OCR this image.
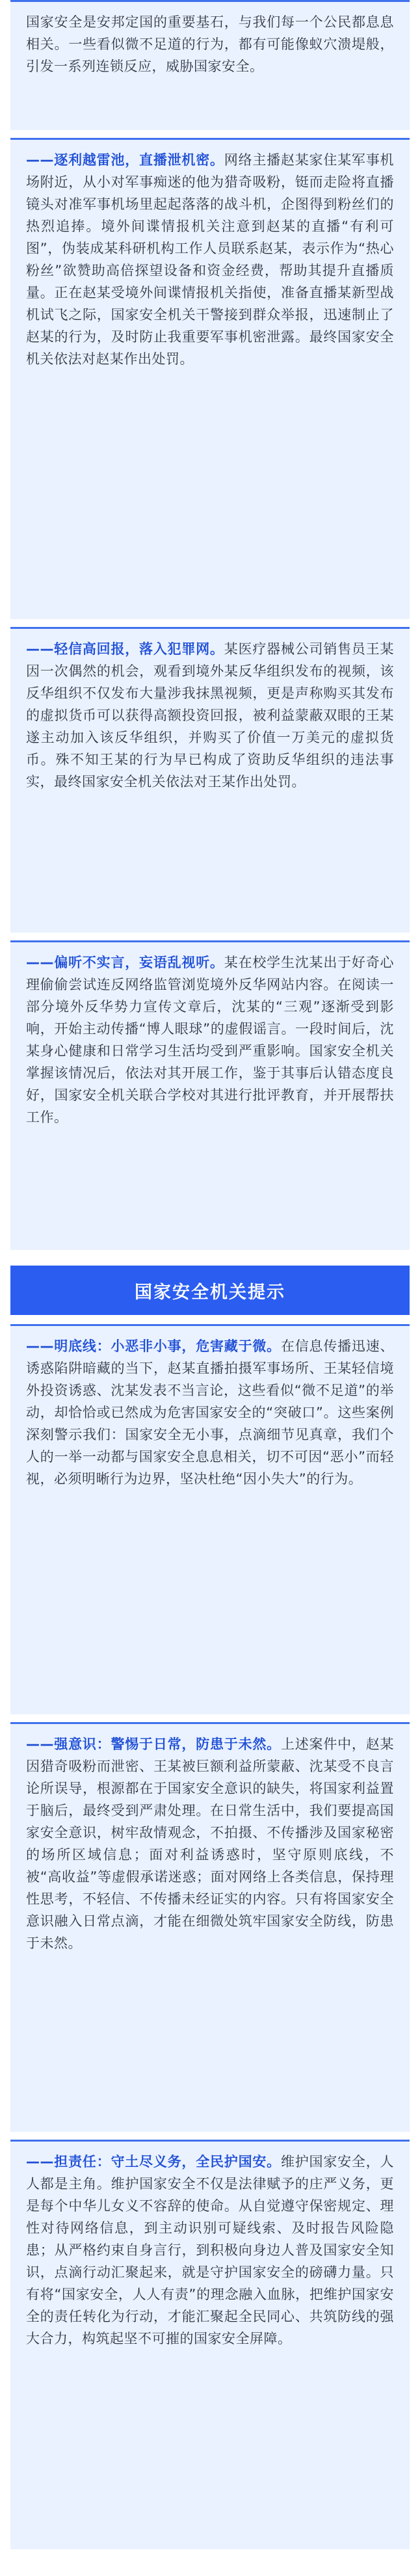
国家安全是安邦定国的重要基石，与我们每一个公民都息息相关。一些看似微不足道的行为，都有可能像蚁穴溃堤般，引发一系列连锁反应，威胁国家安全。

——逐利越雷池，直播泄机密。网络主播赵某家住某军事机场附近，从小对军事痴迷的他为猎奇吸粉，铤而走险将直播镜头对准军事机场里起起落落的战斗机，企图得到粉丝们的热烈追捧。境外间谍情报机关注意到赵某的直播“有利可图”，伪装成某科研机构工作人员联系赵某，表示作为“热心粉丝”欲赞助高倍探望设备和资金经费，帮助其提升直播质量。正在赵某受境外间谍情报机关指使，准备直播某新型战机试飞之际，国家安全机关干警接到群众举报，迅速制止了赵某的行为，及时防止我重要军事机密泄露。最终国家安全机关依法对赵某作出处罚。

——轻信高回报，落入犯罪网。某医疗器械公司销售员王某因一次偶然的机会，观看到境外某反华组织发布的视频，该反华组织不仅发布大量涉我抹黑视频，更是声称购买其发布的虚拟货币可以获得高额投资回报，被利益蒙蔽双眼的王某遂主动加入该反华组织，并购买了价值一万美元的虚拟货币。殊不知王某的行为早已构成了资助反华组织的违法事实，最终国家安全机关依法对王某作出处罚。

——偏听不实言，妄语乱视听。某在校学生沈某出于好奇心理偷偷尝试连反网络监管浏览境外反华网站内容。在阅读一部分境外反华势力宣传文章后，沈某的“三观”逐渐受到影响，开始主动传播“博人眼球”的虚假谣言。一段时间后，沈某身心健康和日常学习生活均受到严重影响。国家安全机关掌握该情况后，依法对其开展工作，鉴于其事后认错态度良好，国家安全机关联合学校对其进行批评教育，并开展帮扶工作。

国家安全机关提示

——明底线：小恶非小事，危害藏于微。在信息传播迅速、诱惑陷阱暗藏的当下，赵某直播拍摄军事场所、王某轻信境外投资诱惑、沈某发表不当言论，这些看似“微不足道”的举动，却恰恰或已然成为危害国家安全的“突破口”。这些案例深刻警示我们：国家安全无小事，点滴细节见真章，我们个人的一举一动都与国家安全息息相关，切不可因“恶小”而轻视，必须明晰行为边界，坚决杜绝“因小失大”的行为。

——强意识：警惕于日常，防患于未然。上述案件中，赵某因猎奇吸粉而泄密、王某被巨额利益所蒙蔽、沈某受不良言论所误导，根源都在于国家安全意识的缺失，将国家利益置于脑后，最终受到严肃处理。在日常生活中，我们要提高国家安全意识，树牢敌情观念，不拍摄、不传播涉及国家秘密的场所区域信息；面对利益诱惑时，坚守原则底线，不被“高收益”等虚假承诺迷惑；面对网络上各类信息，保持理性思考，不轻信、不传播未经证实的内容。只有将国家安全意识融入日常点滴，才能在细微处筑牢国家安全防线，防患于未然。

——担责任：守土尽义务，全民护国安。维护国家安全，人人都是主角。维护国家安全不仅是法律赋予的庄严义务，更是每个中华儿女义不容辞的使命。从自觉遵守保密规定、理性对待网络信息，到主动识别可疑线索、及时报告风险隐患；从严格约束自身言行，到积极向身边人普及国家安全知识，点滴行动汇聚起来，就是守护国家安全的磅礴力量。只有将“国家安全，人人有责”的理念融入血脉，把维护国家安全的责任转化为行动，才能汇聚起全民同心、共筑防线的强大合力，构筑起坚不可摧的国家安全屏障。
